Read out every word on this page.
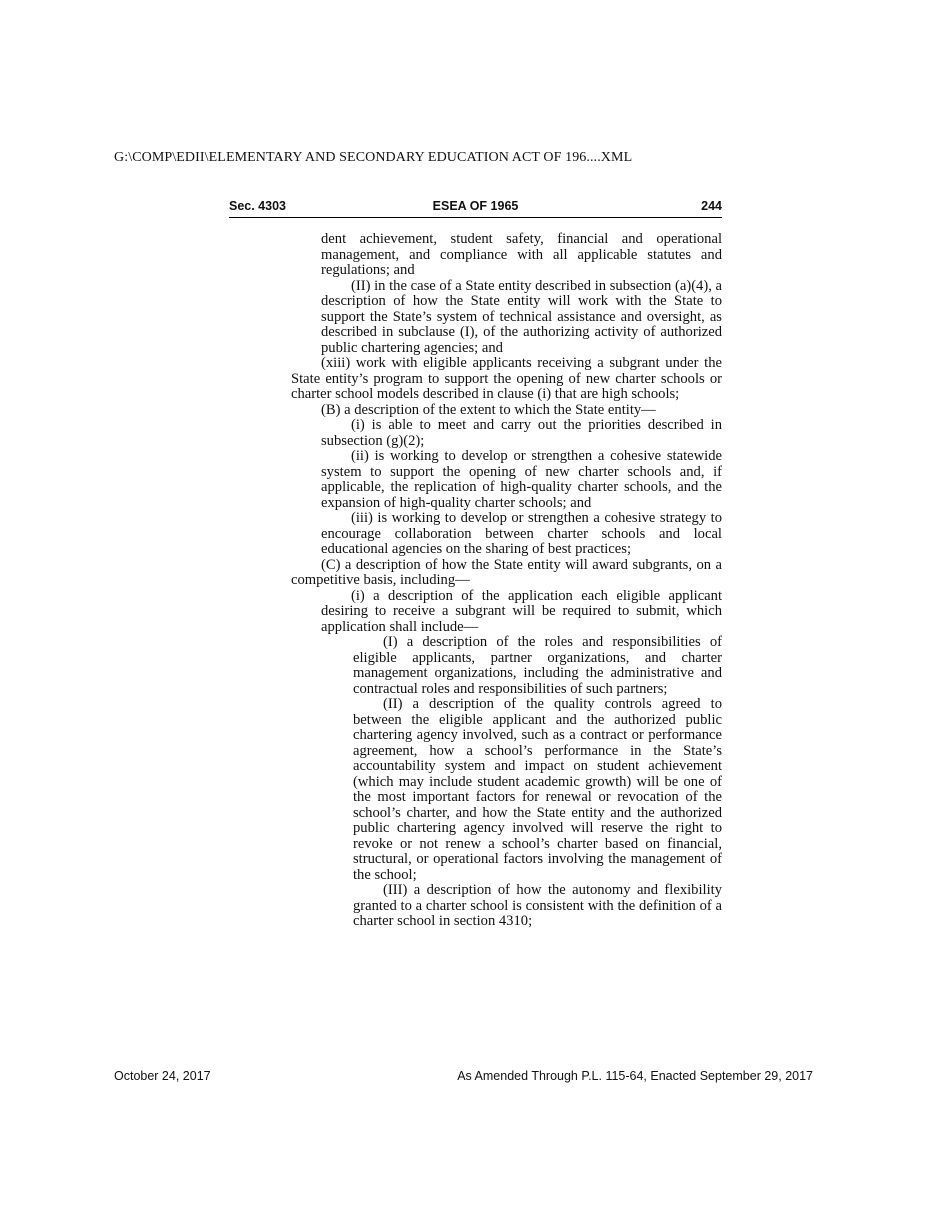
G:\COMP\EDII\ELEMENTARY AND SECONDARY EDUCATION ACT OF 196....XML
Sec. 4303	ESEA OF 1965	244

dent achievement, student safety, financial and operational management, and compliance with all applicable statutes and regulations; and

(II) in the case of a State entity described in subsection (a)(4), a description of how the State entity will work with the State to support the State’s system of technical assistance and oversight, as described in subclause (I), of the authorizing activity of authorized public chartering agencies; and

(xiii) work with eligible applicants receiving a subgrant under the State entity’s program to support the opening of new charter schools or charter school models described in clause (i) that are high schools;

(B) a description of the extent to which the State entity—

(i) is able to meet and carry out the priorities described in subsection (g)(2);

(ii) is working to develop or strengthen a cohesive statewide system to support the opening of new charter schools and, if applicable, the replication of high-quality charter schools, and the expansion of high-quality charter schools; and

(iii) is working to develop or strengthen a cohesive strategy to encourage collaboration between charter schools and local educational agencies on the sharing of best practices;

(C) a description of how the State entity will award subgrants, on a competitive basis, including—

(i) a description of the application each eligible applicant desiring to receive a subgrant will be required to submit, which application shall include—

(I) a description of the roles and responsibilities of eligible applicants, partner organizations, and charter management organizations, including the administrative and contractual roles and responsibilities of such partners;

(II) a description of the quality controls agreed to between the eligible applicant and the authorized public chartering agency involved, such as a contract or performance agreement, how a school’s performance in the State’s accountability system and impact on student achievement (which may include student academic growth) will be one of the most important factors for renewal or revocation of the school’s charter, and how the State entity and the authorized public chartering agency involved will reserve the right to revoke or not renew a school’s charter based on financial, structural, or operational factors involving the management of the school;

(III) a description of how the autonomy and flexibility granted to a charter school is consistent with the definition of a charter school in section 4310;

October 24, 2017	As Amended Through P.L. 115-64, Enacted September 29, 2017
